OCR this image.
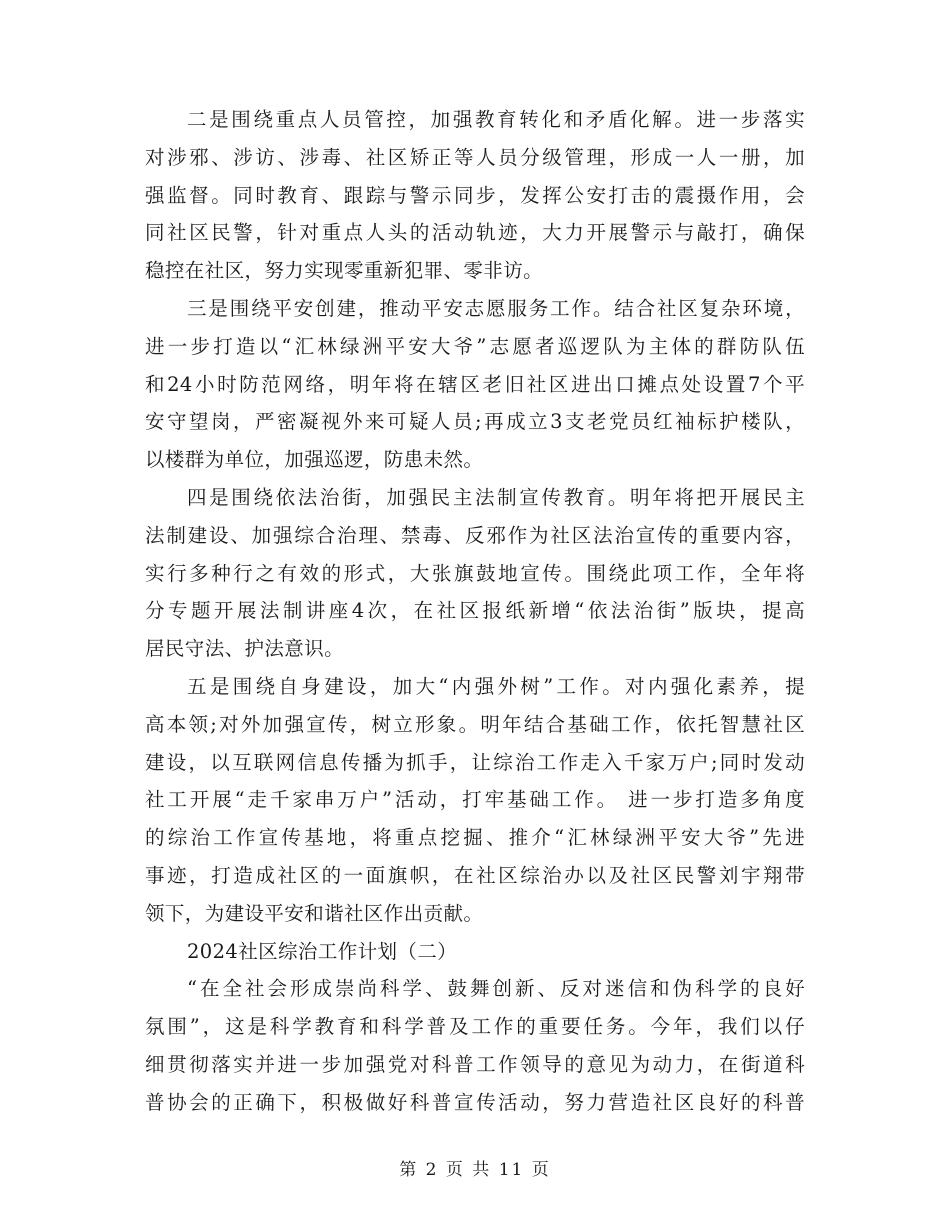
二是围绕重点人员管控，加强教育转化和矛盾化解。进一步落实
对涉邪、涉访、涉毒、社区矫正等人员分级管理，形成一人一册，加
强监督。同时教育、跟踪与警示同步，发挥公安打击的震摄作用，会
同社区民警，针对重点人头的活动轨迹，大力开展警示与敲打，确保
稳控在社区，努力实现零重新犯罪、零非访。
三是围绕平安创建，推动平安志愿服务工作。结合社区复杂环境，
进一步打造以“汇林绿洲平安大爷”志愿者巡逻队为主体的群防队伍
和24小时防范网络，明年将在辖区老旧社区进出口摊点处设置7个平
安守望岗，严密凝视外来可疑人员;再成立3支老党员红袖标护楼队，
以楼群为单位，加强巡逻，防患未然。
四是围绕依法治街，加强民主法制宣传教育。明年将把开展民主
法制建设、加强综合治理、禁毒、反邪作为社区法治宣传的重要内容，
实行多种行之有效的形式，大张旗鼓地宣传。围绕此项工作，全年将
分专题开展法制讲座4次，在社区报纸新增“依法治街”版块，提高
居民守法、护法意识。
五是围绕自身建设，加大“内强外树”工作。对内强化素养，提
高本领;对外加强宣传，树立形象。明年结合基础工作，依托智慧社区
建设，以互联网信息传播为抓手，让综治工作走入千家万户;同时发动
社工开展“走千家串万户”活动，打牢基础工作。 进一步打造多角度
的综治工作宣传基地，将重点挖掘、推介“汇林绿洲平安大爷”先进
事迹，打造成社区的一面旗帜，在社区综治办以及社区民警刘宇翔带
领下，为建设平安和谐社区作出贡献。
2024社区综治工作计划（二）
“在全社会形成崇尚科学、鼓舞创新、反对迷信和伪科学的良好
氛围”，这是科学教育和科学普及工作的重要任务。今年，我们以仔
细贯彻落实并进一步加强党对科普工作领导的意见为动力，在街道科
普协会的正确下，积极做好科普宣传活动，努力营造社区良好的科普
第 2 页 共 11 页
